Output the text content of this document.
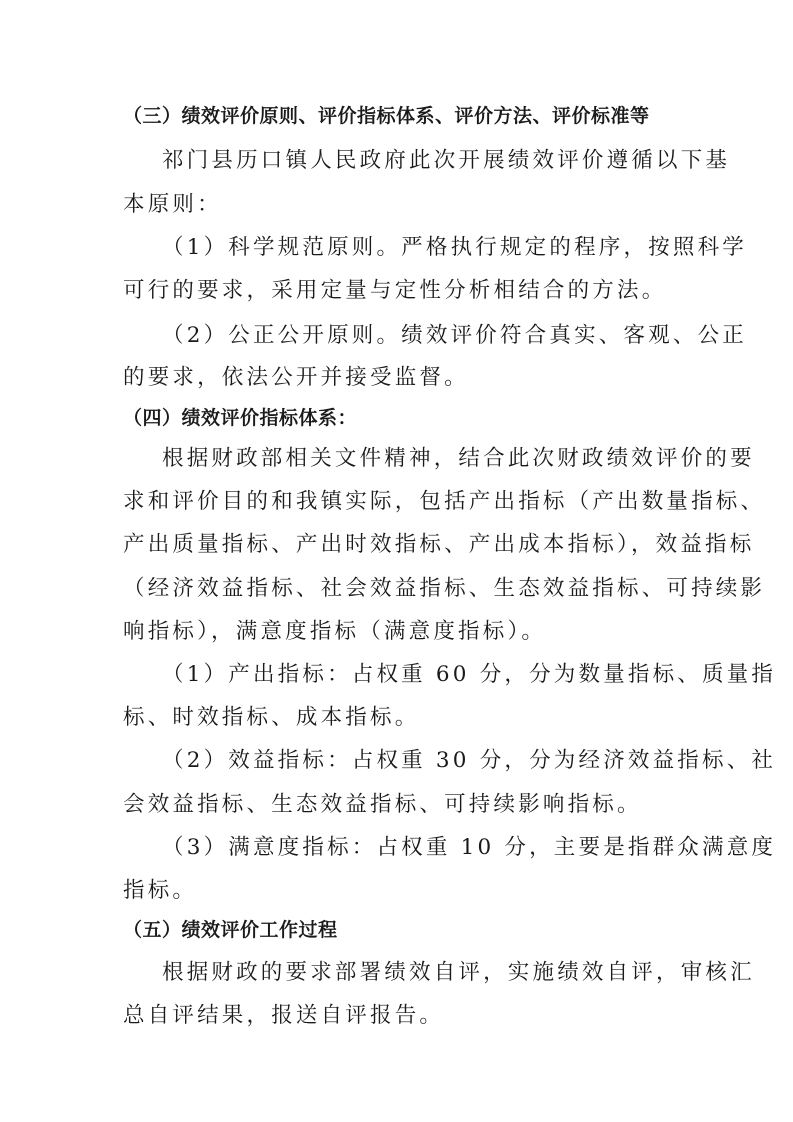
（三）绩效评价原则、评价指标体系、评价方法、评价标准等
祁门县历口镇人民政府此次开展绩效评价遵循以下基
本原则：
（1）科学规范原则。严格执行规定的程序，按照科学
可行的要求，采用定量与定性分析相结合的方法。
（2）公正公开原则。绩效评价符合真实、客观、公正
的要求，依法公开并接受监督。
（四）绩效评价指标体系：
根据财政部相关文件精神，结合此次财政绩效评价的要
求和评价目的和我镇实际，包括产出指标（产出数量指标、
产出质量指标、产出时效指标、产出成本指标），效益指标
（经济效益指标、社会效益指标、生态效益指标、可持续影
响指标），满意度指标（满意度指标）。
（1）产出指标：占权重 60 分，分为数量指标、质量指
标、时效指标、成本指标。
（2）效益指标：占权重 30 分，分为经济效益指标、社
会效益指标、生态效益指标、可持续影响指标。
（3）满意度指标：占权重 10 分，主要是指群众满意度
指标。
（五）绩效评价工作过程
根据财政的要求部署绩效自评，实施绩效自评，审核汇
总自评结果，报送自评报告。
